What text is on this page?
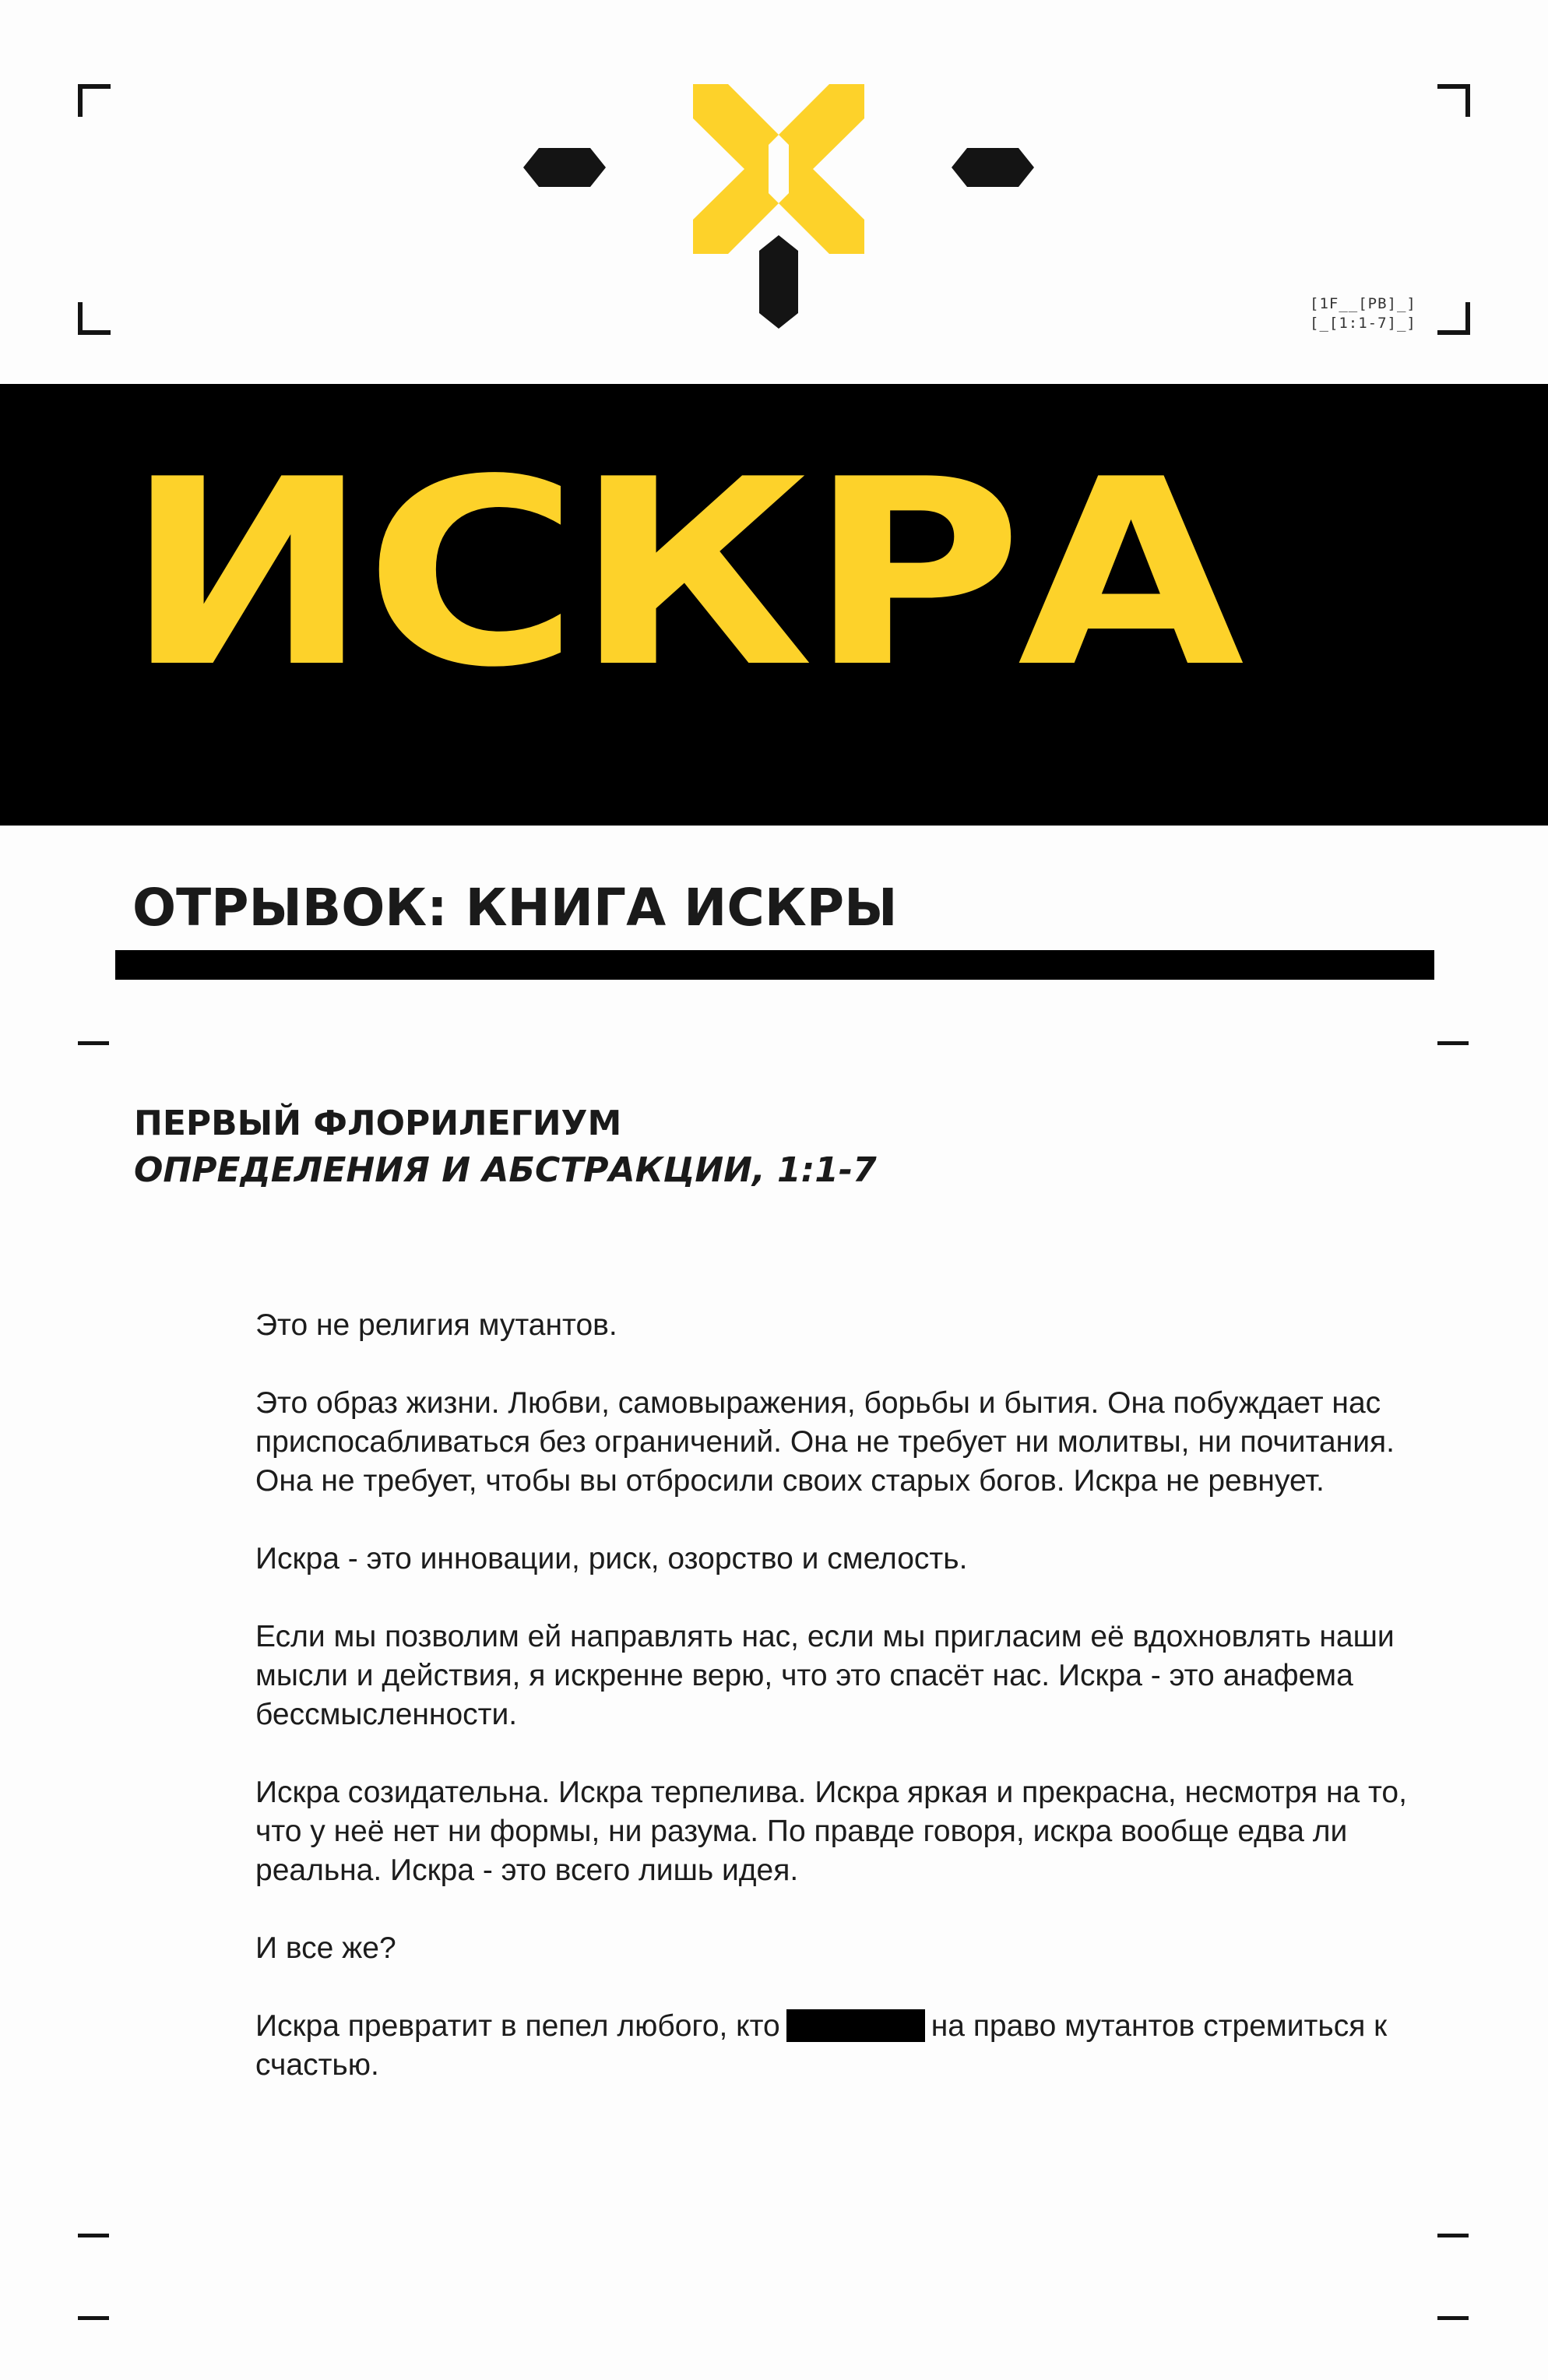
[1F__[PB]_]
[_[1:1-7]_]
ИСКРА
ОТРЫВОК: КНИГА ИСКРЫ
ПЕРВЫЙ ФЛОРИЛЕГИУМ
ОПРЕДЕЛЕНИЯ И АБСТРАКЦИИ, 1:1-7

Это не религия мутантов.

Это образ жизни. Любви, самовыражения, борьбы и бытия. Она побуждает нас приспосабливаться без ограничений. Она не требует ни молитвы, ни почитания. Она не требует, чтобы вы отбросили своих старых богов. Искра не ревнует.

Искра - это инновации, риск, озорство и смелость.

Если мы позволим ей направлять нас, если мы пригласим её вдохновлять наши мысли и действия, я искренне верю, что это спасёт нас. Искра - это анафема бессмысленности.

Искра созидательна. Искра терпелива. Искра яркая и прекрасна, несмотря на то, что у неё нет ни формы, ни разума. По правде говоря, искра вообще едва ли реальна. Искра - это всего лишь идея.

И все же?

Искра превратит в пепел любого, кто	на право мутантов стремиться к счастью.
